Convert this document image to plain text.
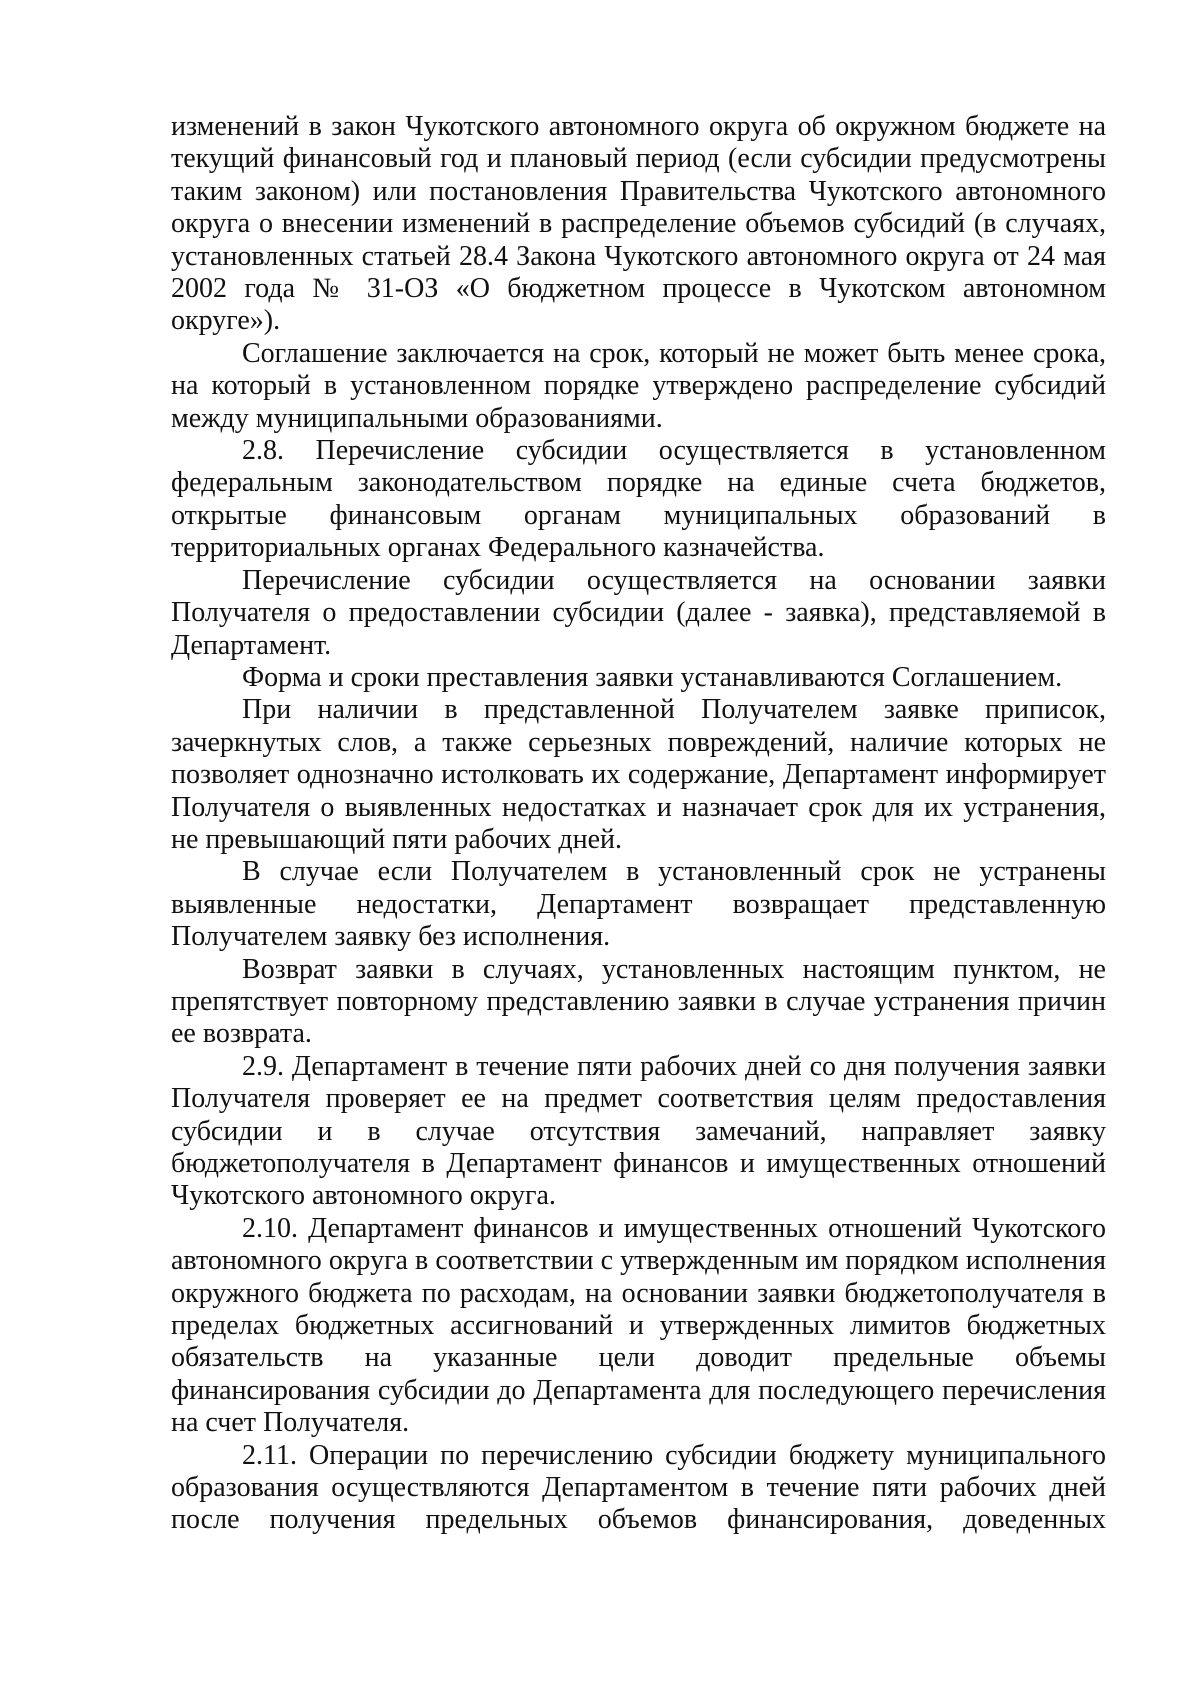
изменений в закон Чукотского автономного округа об окружном бюджете на текущий финансовый год и плановый период (если субсидии предусмотрены таким законом) или постановления Правительства Чукотского автономного округа о внесении изменений в распределение объемов субсидий (в случаях, установленных статьей 28.4 Закона Чукотского автономного округа от 24 мая 2002 года № 31-ОЗ «О бюджетном процессе в Чукотском автономном округе»).

Соглашение заключается на срок, который не может быть менее срока, на который в установленном порядке утверждено распределение субсидий между муниципальными образованиями.

2.8. Перечисление субсидии осуществляется в установленном федеральным законодательством порядке на единые счета бюджетов, открытые финансовым органам муниципальных образований в территориальных органах Федерального казначейства.

Перечисление субсидии осуществляется на основании заявки Получателя о предоставлении субсидии (далее - заявка), представляемой в Департамент.

Форма и сроки преставления заявки устанавливаются Соглашением.

При наличии в представленной Получателем заявке приписок, зачеркнутых слов, а также серьезных повреждений, наличие которых не позволяет однозначно истолковать их содержание, Департамент информирует Получателя о выявленных недостатках и назначает срок для их устранения, не превышающий пяти рабочих дней.

В случае если Получателем в установленный срок не устранены выявленные недостатки, Департамент возвращает представленную Получателем заявку без исполнения.

Возврат заявки в случаях, установленных настоящим пунктом, не препятствует повторному представлению заявки в случае устранения причин ее возврата.

2.9. Департамент в течение пяти рабочих дней со дня получения заявки Получателя проверяет ее на предмет соответствия целям предоставления субсидии и в случае отсутствия замечаний, направляет заявку бюджетополучателя в Департамент финансов и имущественных отношений Чукотского автономного округа.

2.10. Департамент финансов и имущественных отношений Чукотского автономного округа в соответствии с утвержденным им порядком исполнения окружного бюджета по расходам, на основании заявки бюджетополучателя в пределах бюджетных ассигнований и утвержденных лимитов бюджетных обязательств на указанные цели доводит предельные объемы финансирования субсидии до Департамента для последующего перечисления на счет Получателя.

2.11. Операции по перечислению субсидии бюджету муниципального образования осуществляются Департаментом в течение пяти рабочих дней после получения предельных объемов финансирования, доведенных
